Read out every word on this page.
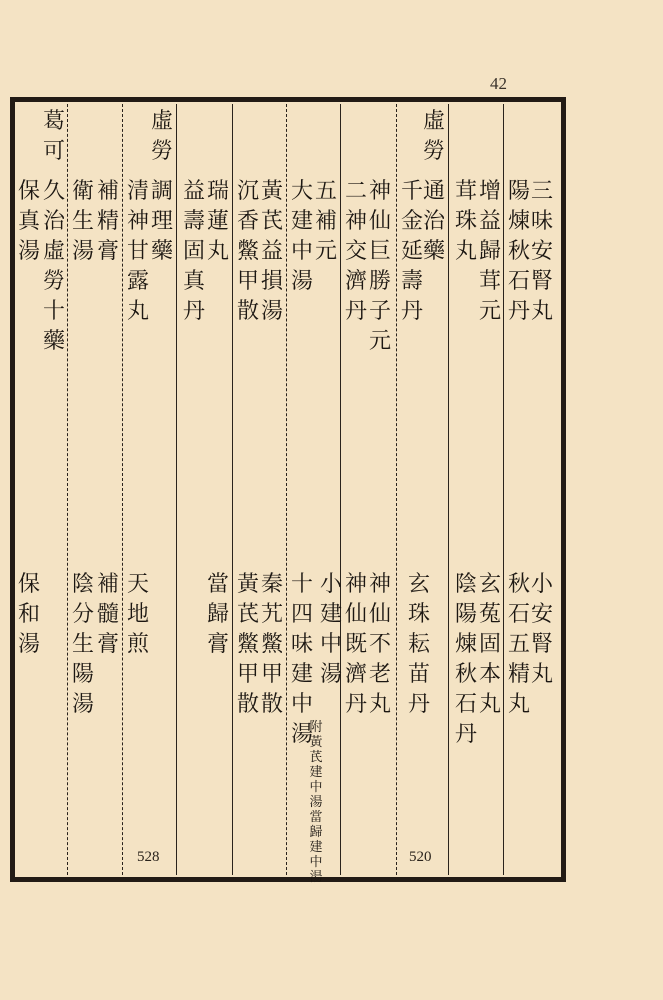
42
三
味
安
腎
丸
陽
煉
秋
石
丹
增
益
歸
茸
元
茸
珠
丸
虛
勞
通
治
藥
千
金
延
壽
丹
神
仙
巨
勝
子
元
二
神
交
濟
丹
五
補
元
大
建
中
湯
黃
芪
益
損
湯
沉
香
鱉
甲
散
瑞
蓮
丸
益
壽
固
真
丹
虛
勞
調
理
藥
清
神
甘
露
丸
補
精
膏
衛
生
湯
葛
可
久
治
虛
勞
十
藥
保
真
湯
小
安
腎
丸
秋
石
五
精
丸
玄
菟
固
本
丸
陰
陽
煉
秋
石
丹
玄
珠
耘
苗
丹
神
仙
不
老
丸
神
仙
既
濟
丹
小
建
中
湯
附
黃
芪
建
中
湯
當
歸
建
中
湯
十
四
味
建
中
湯
秦
艽
鱉
甲
散
黃
芪
鱉
甲
散
當
歸
膏
天
地
煎
補
髓
膏
陰
分
生
陽
湯
保
和
湯
520
528
